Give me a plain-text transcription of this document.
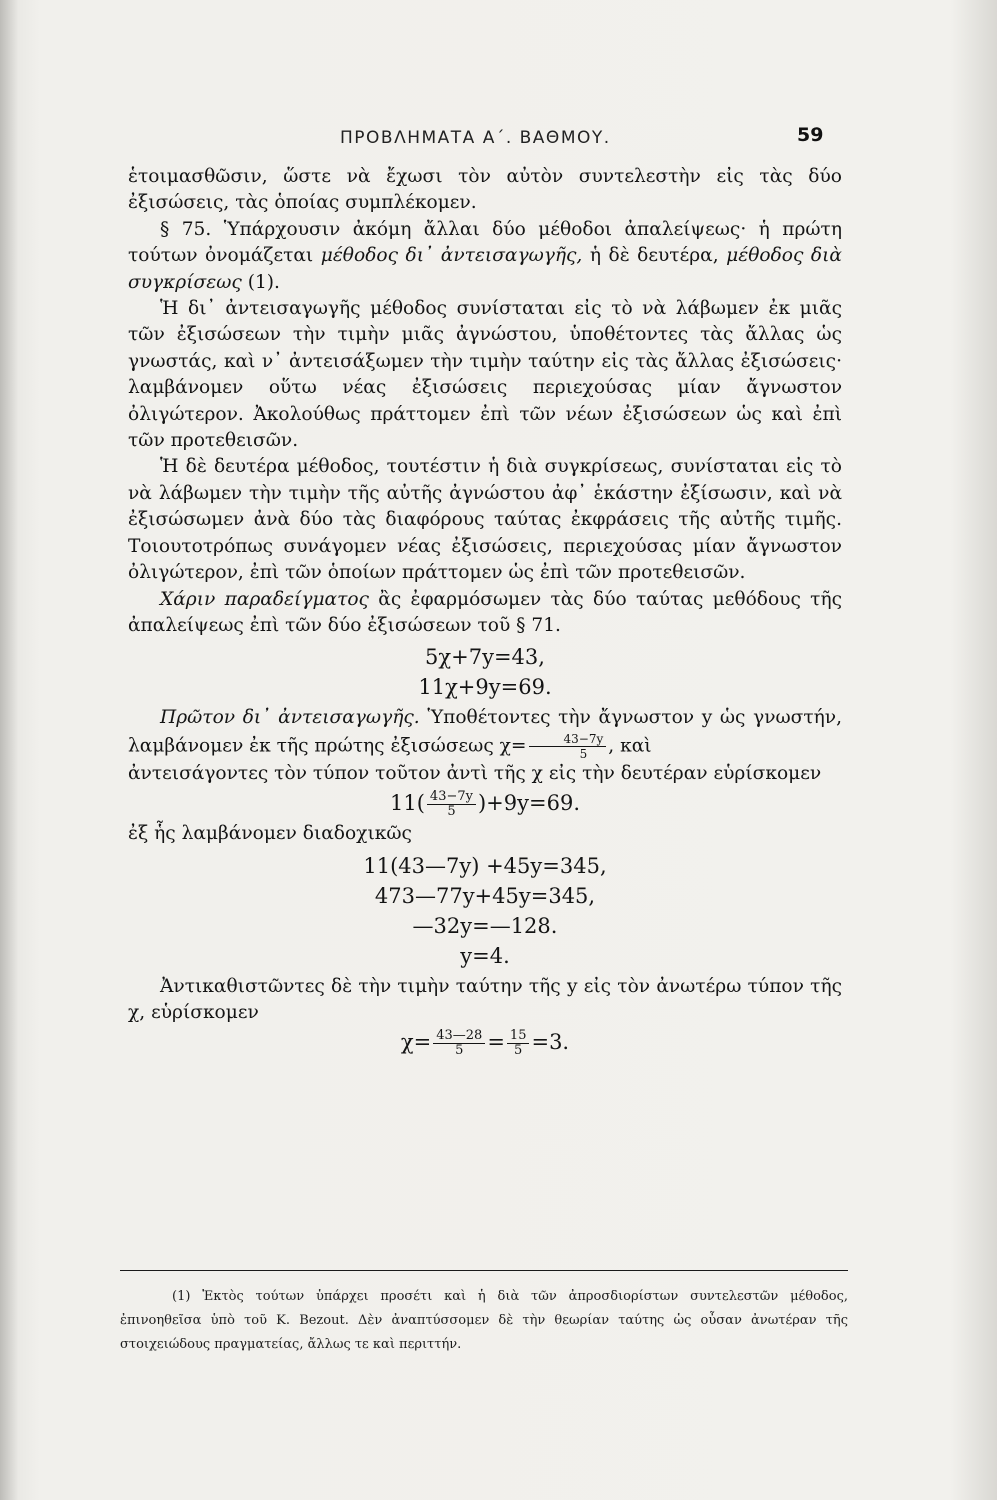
ΠΡΟΒΛΗΜΑΤΑ Α΄. ΒΑΘΜΟΥ.	59

ἑτοιμασθῶσιν, ὥστε νὰ ἔχωσι τὸν αὐτὸν συντελεστὴν εἰς τὰς δύο ἐξισώσεις, τὰς ὁποίας συμπλέκομεν.

§ 75. Ὑπάρχουσιν ἀκόμη ἄλλαι δύο μέθοδοι ἀπαλείψεως· ἡ πρώτη τούτων ὀνομάζεται μέθοδος δι᾿ ἀντεισαγωγῆς, ἡ δὲ δευτέρα, μέθοδος διὰ συγκρίσεως (1).

Ἡ δι᾿ ἀντεισαγωγῆς μέθοδος συνίσταται εἰς τὸ νὰ λάβωμεν ἐκ μιᾶς τῶν ἐξισώσεων τὴν τιμὴν μιᾶς ἀγνώστου, ὑποθέτοντες τὰς ἄλλας ὡς γνωστάς, καὶ ν᾿ ἀντεισάξωμεν τὴν τιμὴν ταύτην εἰς τὰς ἄλλας ἐξισώσεις· λαμβάνομεν οὕτω νέας ἐξισώσεις περιεχούσας μίαν ἄγνωστον ὀλιγώτερον. Ἀκολούθως πράττομεν ἐπὶ τῶν νέων ἐξισώσεων ὡς καὶ ἐπὶ τῶν προτεθεισῶν.

Ἡ δὲ δευτέρα μέθοδος, τουτέστιν ἡ διὰ συγκρίσεως, συνίσταται εἰς τὸ νὰ λάβωμεν τὴν τιμὴν τῆς αὐτῆς ἀγνώστου ἀφ᾿ ἑκάστην ἐξίσωσιν, καὶ νὰ ἐξισώσωμεν ἀνὰ δύο τὰς διαφόρους ταύτας ἐκφράσεις τῆς αὐτῆς τιμῆς. Τοιουτοτρόπως συνάγομεν νέας ἐξισώσεις, περιεχούσας μίαν ἄγνωστον ὀλιγώτερον, ἐπὶ τῶν ὁποίων πράττομεν ὡς ἐπὶ τῶν προτεθεισῶν.

Χάριν παραδείγματος ἂς ἐφαρμόσωμεν τὰς δύο ταύτας μεθόδους τῆς ἀπαλείψεως ἐπὶ τῶν δύο ἐξισώσεων τοῦ § 71.

5χ+7y=43,
11χ+9y=69.

Πρῶτον δι᾿ ἀντεισαγωγῆς. Ὑποθέτοντες τὴν ἄγνωστον y ὡς γνωστήν, λαμβάνομεν ἐκ τῆς πρώτης ἐξισώσεως $\chi= \frac{43-7y}{5}$ , καὶ

ἀντεισάγοντες τὸν τύπον τοῦτον ἀντὶ τῆς χ εἰς τὴν δευτέραν εὑρίσκομεν

$11( \frac{43-7y}{5} )+9y=69$.

ἐξ ἧς λαμβάνομεν διαδοχικῶς

11(43—7y) +45y=345,
473—77y+45y=345,
—32y=—128.
y=4.

Ἀντικαθιστῶντες δὲ τὴν τιμὴν ταύτην τῆς y εἰς τὸν ἀνωτέρω τύπον τῆς χ, εὑρίσκομεν

$\chi= \frac{43—28}{5} = \frac{15}{5} =3$.

(1) Ἐκτὸς τούτων ὑπάρχει προσέτι καὶ ἡ διὰ τῶν ἀπροσδιορίστων συντελεστῶν μέθοδος, ἐπινοηθεῖσα ὑπὸ τοῦ Κ. Bezout. Δὲν ἀναπτύσσομεν δὲ τὴν θεωρίαν ταύτης ὡς οὖσαν ἀνωτέραν τῆς στοιχειώδους πραγματείας, ἄλλως τε καὶ περιττήν.
